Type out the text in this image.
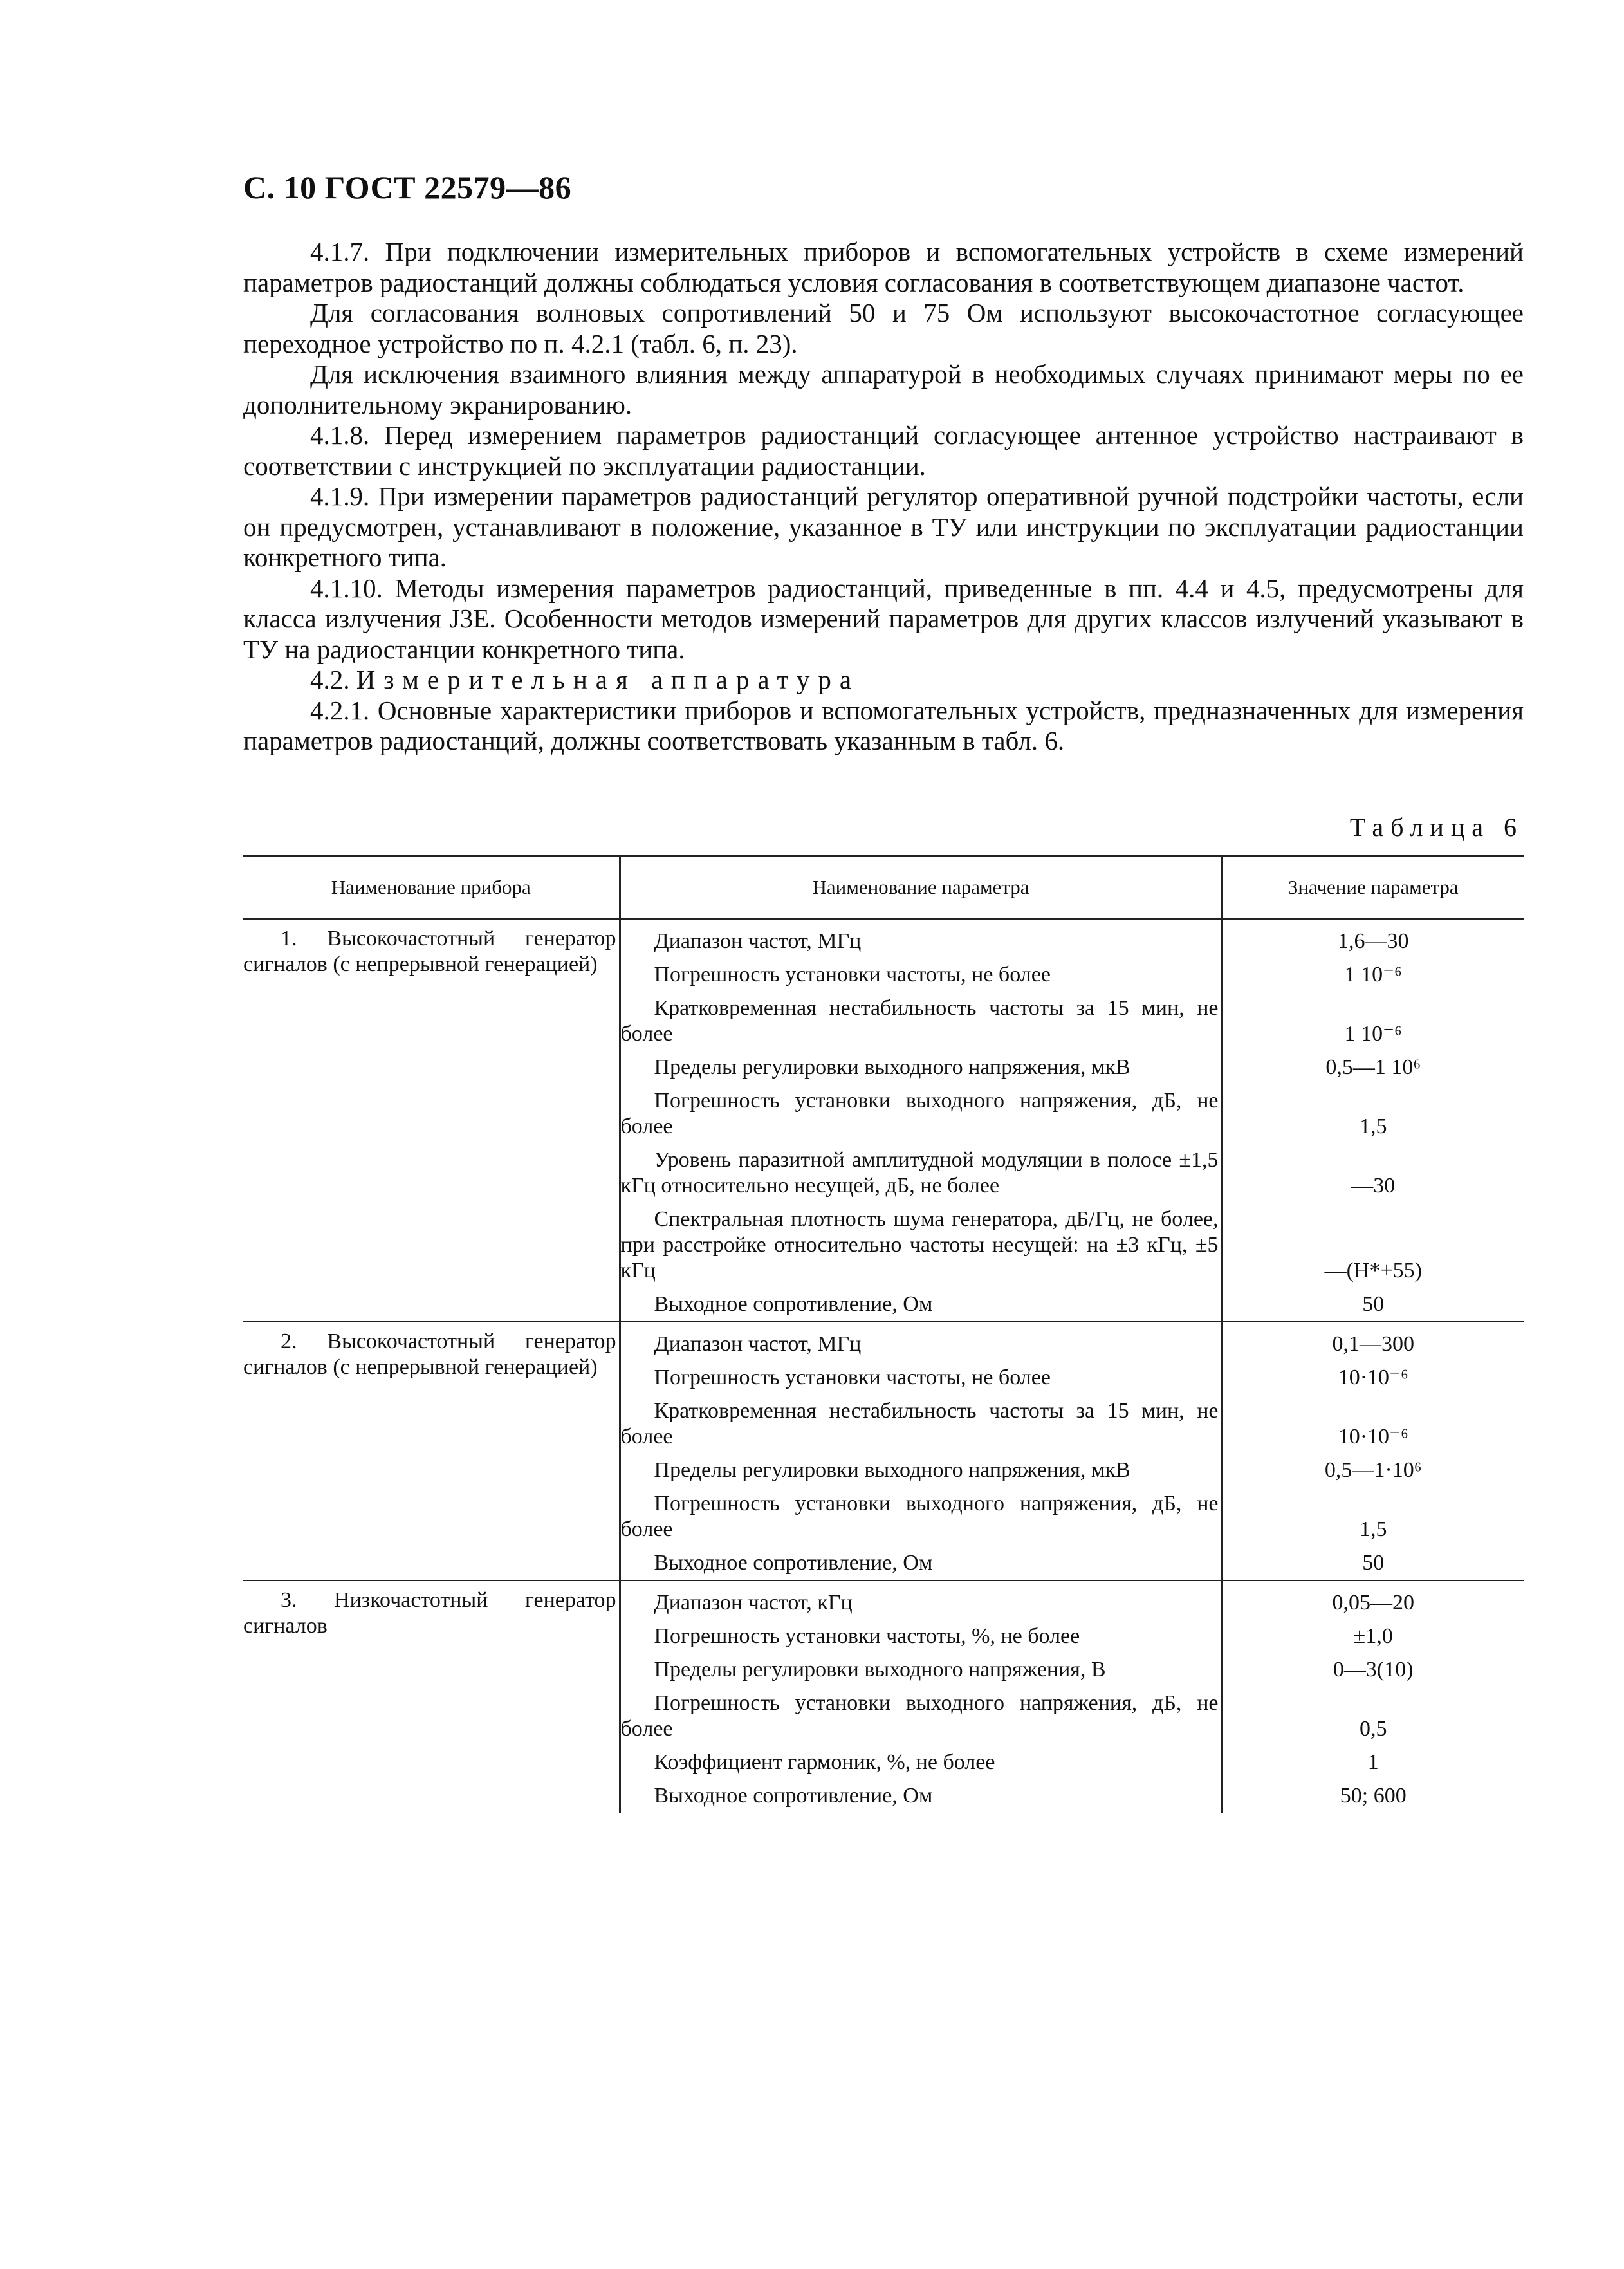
С. 10 ГОСТ 22579—86

4.1.7. При подключении измерительных приборов и вспомогательных устройств в схеме измерений параметров радиостанций должны соблюдаться условия согласования в соответствующем диапазоне частот.

Для согласования волновых сопротивлений 50 и 75 Ом используют высокочастотное согласующее переходное устройство по п. 4.2.1 (табл. 6, п. 23).

Для исключения взаимного влияния между аппаратурой в необходимых случаях принимают меры по ее дополнительному экранированию.

4.1.8. Перед измерением параметров радиостанций согласующее антенное устройство настраивают в соответствии с инструкцией по эксплуатации радиостанции.

4.1.9. При измерении параметров радиостанций регулятор оперативной ручной подстройки частоты, если он предусмотрен, устанавливают в положение, указанное в ТУ или инструкции по эксплуатации радиостанции конкретного типа.

4.1.10. Методы измерения параметров радиостанций, приведенные в пп. 4.4 и 4.5, предусмотрены для класса излучения J3E. Особенности методов измерений параметров для других классов излучений указывают в ТУ на радиостанции конкретного типа.

4.2. Измерительная аппаратура

4.2.1. Основные характеристики приборов и вспомогательных устройств, предназначенных для измерения параметров радиостанций, должны соответствовать указанным в табл. 6.

Таблица 6
Наименование прибора	Наименование параметра	Значение параметра
1. Высокочастотный генератор сигналов (с непрерывной генерацией)	Диапазон частот, МГц	1,6—30
	Погрешность установки частоты, не более	1 10⁻⁶
	Кратковременная нестабильность частоты за 15 мин, не более	1 10⁻⁶
	Пределы регулировки выходного напряжения, мкВ	0,5—1 10⁶
	Погрешность установки выходного напряжения, дБ, не более	1,5
	Уровень паразитной амплитудной модуляции в полосе ±1,5 кГц относительно несущей, дБ, не более	—30
	Спектральная плотность шума генератора, дБ/Гц, не более, при расстройке относительно частоты несущей: на ±3 кГц, ±5 кГц	—(Н*+55)
	Выходное сопротивление, Ом	50
2. Высокочастотный генератор сигналов (с непрерывной генерацией)	Диапазон частот, МГц	0,1—300
	Погрешность установки частоты, не более	10·10⁻⁶
	Кратковременная нестабильность частоты за 15 мин, не более	10·10⁻⁶
	Пределы регулировки выходного напряжения, мкВ	0,5—1·10⁶
	Погрешность установки выходного напряжения, дБ, не более	1,5
	Выходное сопротивление, Ом	50
3. Низкочастотный генератор сигналов	Диапазон частот, кГц	0,05—20
	Погрешность установки частоты, %, не более	±1,0
	Пределы регулировки выходного напряжения, В	0—3(10)
	Погрешность установки выходного напряжения, дБ, не более	0,5
	Коэффициент гармоник, %, не более	1
	Выходное сопротивление, Ом	50; 600
